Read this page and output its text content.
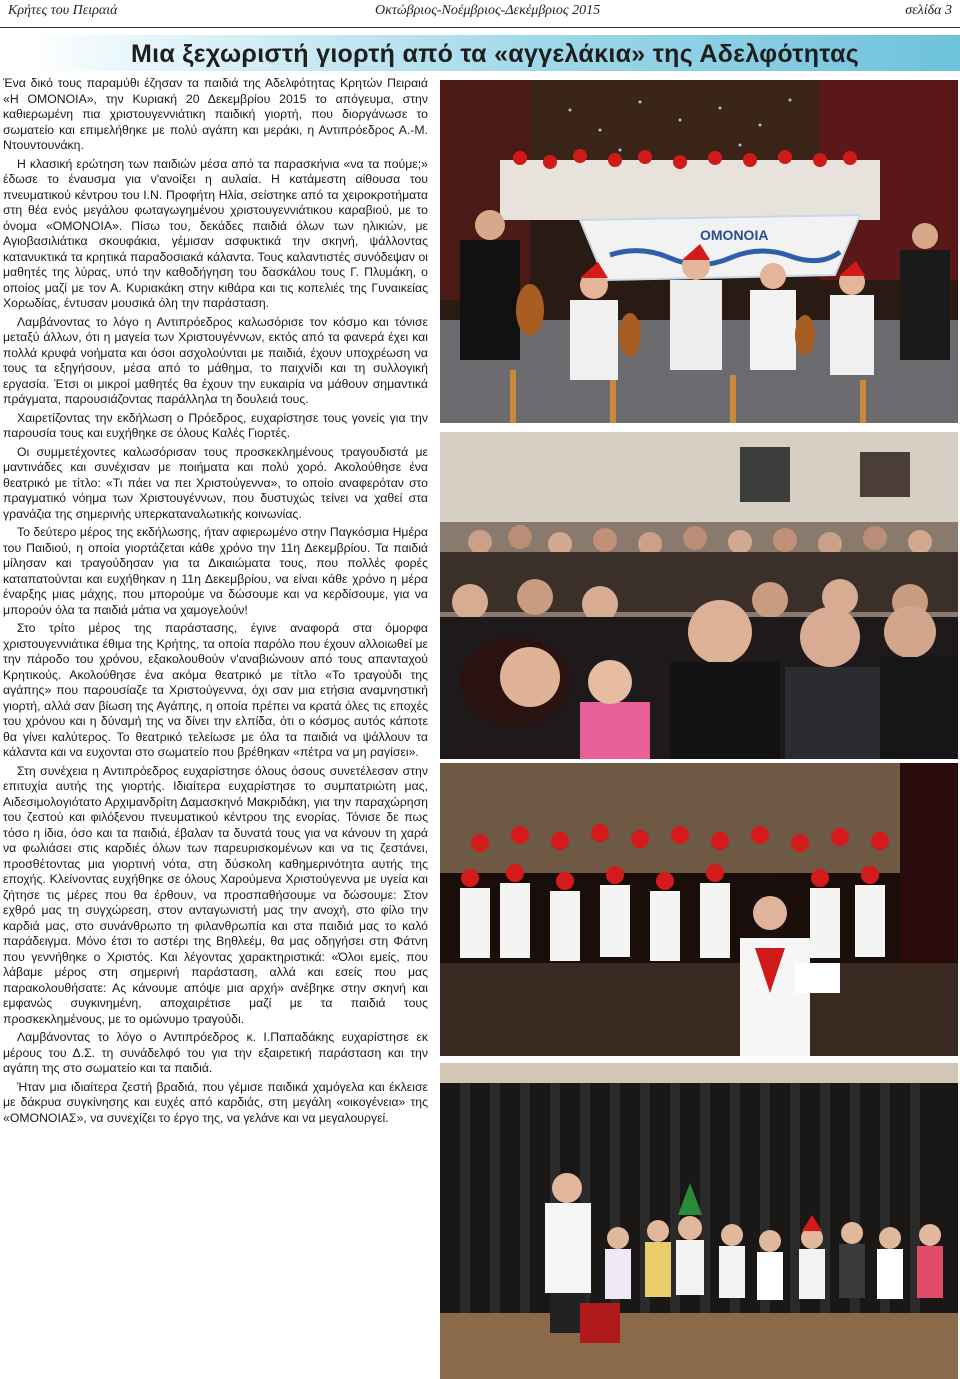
Κρήτες του Πειραιά	Οκτώβριος-Νοέμβριος-Δεκέμβριος 2015	σελίδα 3
Μια ξεχωριστή γιορτή από τα «αγγελάκια» της Αδελφότητας

Ένα δικό τους παραμύθι έζησαν τα παιδιά της Αδελφότητας Κρητών Πειραιά «Η ΟΜΟΝΟΙΑ», την Κυριακή 20 Δεκεμβρίου 2015 το απόγευμα, στην καθιερωμένη πια χριστουγεννιάτικη παιδική γιορτή, που διοργάνωσε το σωματείο και επιμελήθηκε με πολύ αγάπη και μεράκι, η Αντιπρόεδρος Α.-Μ. Ντουντουνάκη.

Η κλασική ερώτηση των παιδιών μέσα από τα παρασκήνια «να τα πούμε;» έδωσε το έναυσμα για ν'ανοίξει η αυλαία. Η κατάμεστη αίθουσα του πνευματικού κέντρου του Ι.Ν. Προφήτη Ηλία, σείστηκε από τα χειροκροτήματα στη θέα ενός μεγάλου φωταγωγημένου χριστουγεννιάτικου καραβιού, με το όνομα «ΟΜΟΝΟΙΑ». Πίσω του, δεκάδες παιδιά όλων των ηλικιών, με Αγιοβασιλιάτικα σκουφάκια, γέμισαν ασφυκτικά την σκηνή, ψάλλοντας κατανυκτικά τα κρητικά παραδοσιακά κάλαντα. Τους καλαντιστές συνόδεψαν οι μαθητές της λύρας, υπό την καθοδήγηση του δασκάλου τους Γ. Πλυμάκη, ο οποίος μαζί με τον Α. Κυριακάκη στην κιθάρα και τις κοπελιές της Γυναικείας Χορωδίας, έντυσαν μουσικά όλη την παράσταση.

Λαμβάνοντας το λόγο η Αντιπρόεδρος καλωσόρισε τον κόσμο και τόνισε μεταξύ άλλων, ότι η μαγεία των Χριστουγέννων, εκτός από τα φανερά έχει και πολλά κρυφά νοήματα και όσοι ασχολούνται με παιδιά, έχουν υποχρέωση να τους τα εξηγήσουν, μέσα από το μάθημα, το παιχνίδι και τη συλλογική εργασία. Έτσι οι μικροί μαθητές θα έχουν την ευκαιρία να μάθουν σημαντικά πράγματα, παρουσιάζοντας παράλληλα τη δουλειά τους.

Χαιρετίζοντας την εκδήλωση ο Πρόεδρος, ευχαρίστησε τους γονείς για την παρουσία τους και ευχήθηκε σε όλους Καλές Γιορτές.

Οι συμμετέχοντες καλωσόρισαν τους προσκεκλημένους τραγουδιστά με μαντινάδες και συνέχισαν με ποιήματα και πολύ χορό. Ακολούθησε ένα θεατρικό με τίτλο: «Τι πάει να πει Χριστούγεννα», το οποίο αναφερόταν στο πραγματικό νόημα των Χριστουγέννων, που δυστυχώς τείνει να χαθεί στα γρανάζια της σημερινής υπερκαταναλωτικής κοινωνίας.

Το δεύτερο μέρος της εκδήλωσης, ήταν αφιερωμένο στην Παγκόσμια Ημέρα του Παιδιού, η οποία γιορτάζεται κάθε χρόνο την 11η Δεκεμβρίου. Τα παιδιά μίλησαν και τραγούδησαν για τα Δικαιώματα τους, που πολλές φορές καταπατούνται και ευχήθηκαν η 11η Δεκεμβρίου, να είναι κάθε χρόνο η μέρα έναρξης μιας μάχης, που μπορούμε να δώσουμε και να κερδίσουμε, για να μπορούν όλα τα παιδιά μάτια να χαμογελούν!

Στο τρίτο μέρος της παράστασης, έγινε αναφορά στα όμορφα χριστουγεννιάτικα έθιμα της Κρήτης, τα οποία παρόλο που έχουν αλλοιωθεί με την πάροδο του χρόνου, εξακολουθούν ν'αναβιώνουν από τους απανταχού Κρητικούς. Ακολούθησε ένα ακόμα θεατρικό με τίτλο «Το τραγούδι της αγάπης» που παρουσίαζε τα Χριστούγεννα, όχι σαν μια ετήσια αναμνηστική γιορτή, αλλά σαν βίωση της Αγάπης, η οποία πρέπει να κρατά όλες τις εποχές του χρόνου και η δύναμή της να δίνει την ελπίδα, ότι ο κόσμος αυτός κάποτε θα γίνει καλύτερος. Το θεατρικό τελείωσε με όλα τα παιδιά να ψάλλουν τα κάλαντα και να ευχονται στο σωματείο που βρέθηκαν «πέτρα να μη ραγίσει».

Στη συνέχεια η Αντιπρόεδρος ευχαρίστησε όλους όσους συνετέλεσαν στην επιτυχία αυτής της γιορτής. Ιδιαίτερα ευχαρίστησε το συμπατριώτη μας, Αιδεσιμολογιότατο Αρχιμανδρίτη Δαμασκηνό Μακριδάκη, για την παραχώρηση του ζεστού και φιλόξενου πνευματικού κέντρου της ενορίας. Τόνισε δε πως τόσο η ίδια, όσο και τα παιδιά, έβαλαν τα δυνατά τους για να κάνουν τη χαρά να φωλιάσει στις καρδιές όλων των παρευρισκομένων και να τις ζεστάνει, προσθέτοντας μια γιορτινή νότα, στη δύσκολη καθημερινότητα αυτής της εποχής. Κλείνοντας ευχήθηκε σε όλους Χαρούμενα Χριστούγεννα με υγεία και ζήτησε τις μέρες που θα έρθουν, να προσπαθήσουμε να δώσουμε: Στον εχθρό μας τη συγχώρεση, στον ανταγωνιστή μας την ανοχή, στο φίλο την καρδιά μας, στο συνάνθρωπο τη φιλανθρωπία και στα παιδιά μας το καλό παράδειγμα. Μόνο έτσι το αστέρι της Βηθλεέμ, θα μας οδηγήσει στη Φάτνη που γεννήθηκε ο Χριστός. Και λέγοντας χαρακτηριστικά: «Όλοι εμείς, που λάβαμε μέρος στη σημερινή παράσταση, αλλά και εσείς που μας παρακολουθήσατε: Ας κάνουμε απόψε μια αρχή» ανέβηκε στην σκηνή και εμφανώς συγκινημένη, αποχαιρέτισε μαζί με τα παιδιά τους προσκεκλημένους, με το ομώνυμο τραγούδι.

Λαμβάνοντας το λόγο ο Αντιπρόεδρος κ. Ι.Παπαδάκης ευχαρίστησε εκ μέρους του Δ.Σ. τη συνάδελφό του για την εξαιρετική παράσταση και την αγάπη της στο σωματείο και τα παιδιά.

Ήταν μια ιδιαίτερα ζεστή βραδιά, που γέμισε παιδικά χαμόγελα και έκλεισε με δάκρυα συγκίνησης και ευχές από καρδιάς, στη μεγάλη «οικογένεια» της «ΟΜΟΝΟΙΑΣ», να συνεχίζει το έργο της, να γελάνε και να μεγαλουργεί.

ΟΜΟΝΟΙΑ
